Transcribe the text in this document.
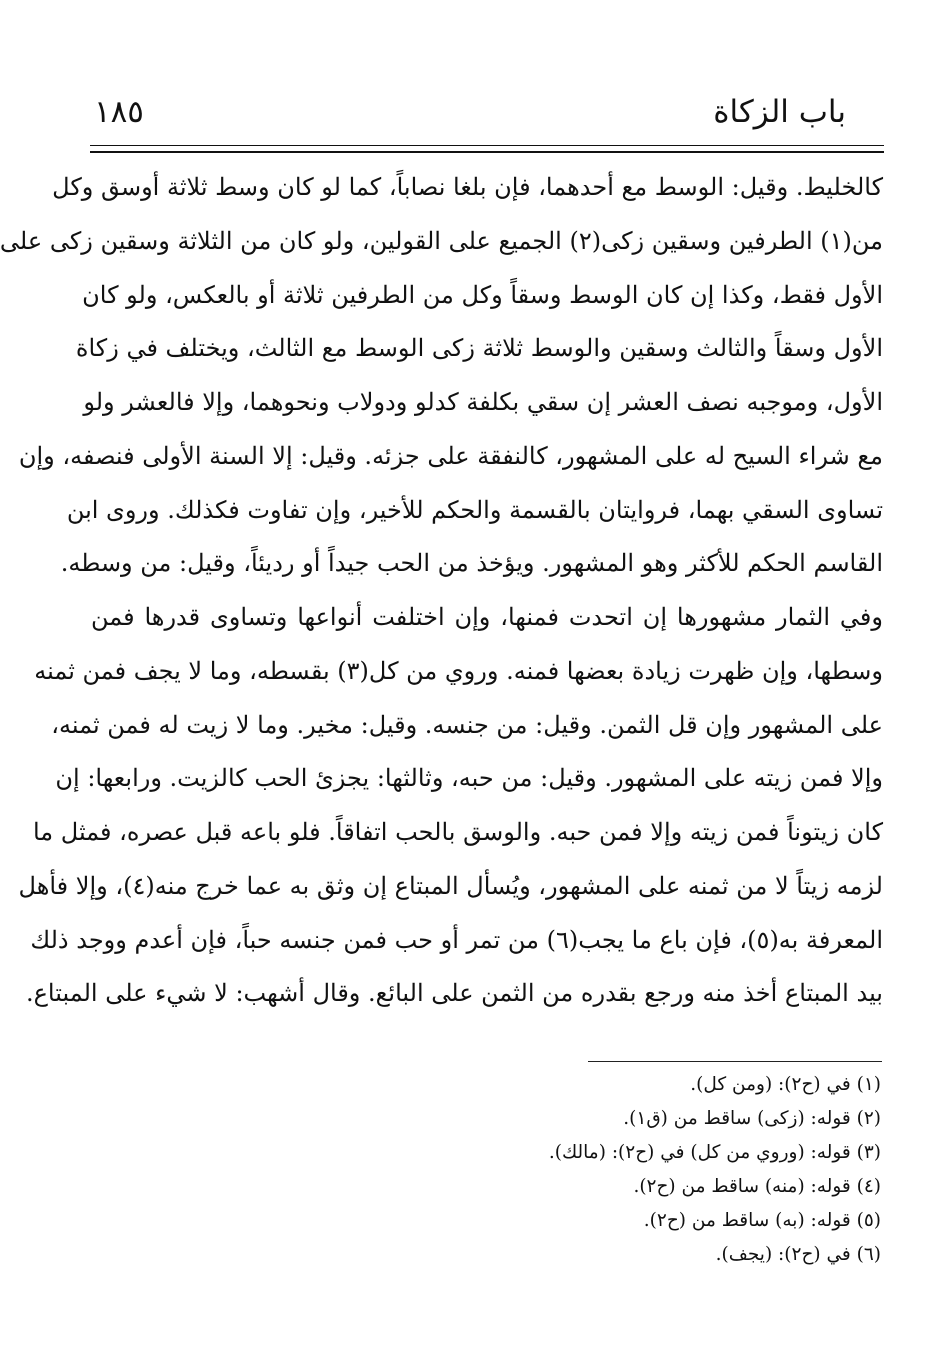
باب الزكاة
١٨٥
كالخليط. وقيل: الوسط مع أحدهما، فإن بلغا نصاباً، كما لو كان وسط ثلاثة أوسق وكل
من(١) الطرفين وسقين زكى(٢) الجميع على القولين، ولو كان من الثلاثة وسقين زكى على
الأول فقط، وكذا إن كان الوسط وسقاً وكل من الطرفين ثلاثة أو بالعكس، ولو كان
الأول وسقاً والثالث وسقين والوسط ثلاثة زكى الوسط مع الثالث، ويختلف في زكاة
الأول، وموجبه نصف العشر إن سقي بكلفة كدلو ودولاب ونحوهما، وإلا فالعشر ولو
مع شراء السيح له على المشهور، كالنفقة على جزئه. وقيل: إلا السنة الأولى فنصفه، وإن
تساوى السقي بهما، فروايتان بالقسمة والحكم للأخير، وإن تفاوت فكذلك. وروى ابن
القاسم الحكم للأكثر وهو المشهور. ويؤخذ من الحب جيداً أو رديئاً، وقيل: من وسطه.
وفي الثمار مشهورها إن اتحدت فمنها، وإن اختلفت أنواعها وتساوى قدرها فمن
وسطها، وإن ظهرت زيادة بعضها فمنه. وروي من كل(٣) بقسطه، وما لا يجف فمن ثمنه
على المشهور وإن قل الثمن. وقيل: من جنسه. وقيل: مخير. وما لا زيت له فمن ثمنه،
وإلا فمن زيته على المشهور. وقيل: من حبه، وثالثها: يجزئ الحب كالزيت. ورابعها: إن
كان زيتوناً فمن زيته وإلا فمن حبه. والوسق بالحب اتفاقاً. فلو باعه قبل عصره، فمثل ما
لزمه زيتاً لا من ثمنه على المشهور، ويُسأل المبتاع إن وثق به عما خرج منه(٤)، وإلا فأهل
المعرفة به(٥)، فإن باع ما يجب(٦) من تمر أو حب فمن جنسه حباً، فإن أعدم ووجد ذلك
بيد المبتاع أخذ منه ورجع بقدره من الثمن على البائع. وقال أشهب: لا شيء على المبتاع.
(١) في (ح٢): (ومن كل).
(٢) قوله: (زكى) ساقط من (ق١).
(٣) قوله: (وروي من كل) في (ح٢): (مالك).
(٤) قوله: (منه) ساقط من (ح٢).
(٥) قوله: (به) ساقط من (ح٢).
(٦) في (ح٢): (يجف).
